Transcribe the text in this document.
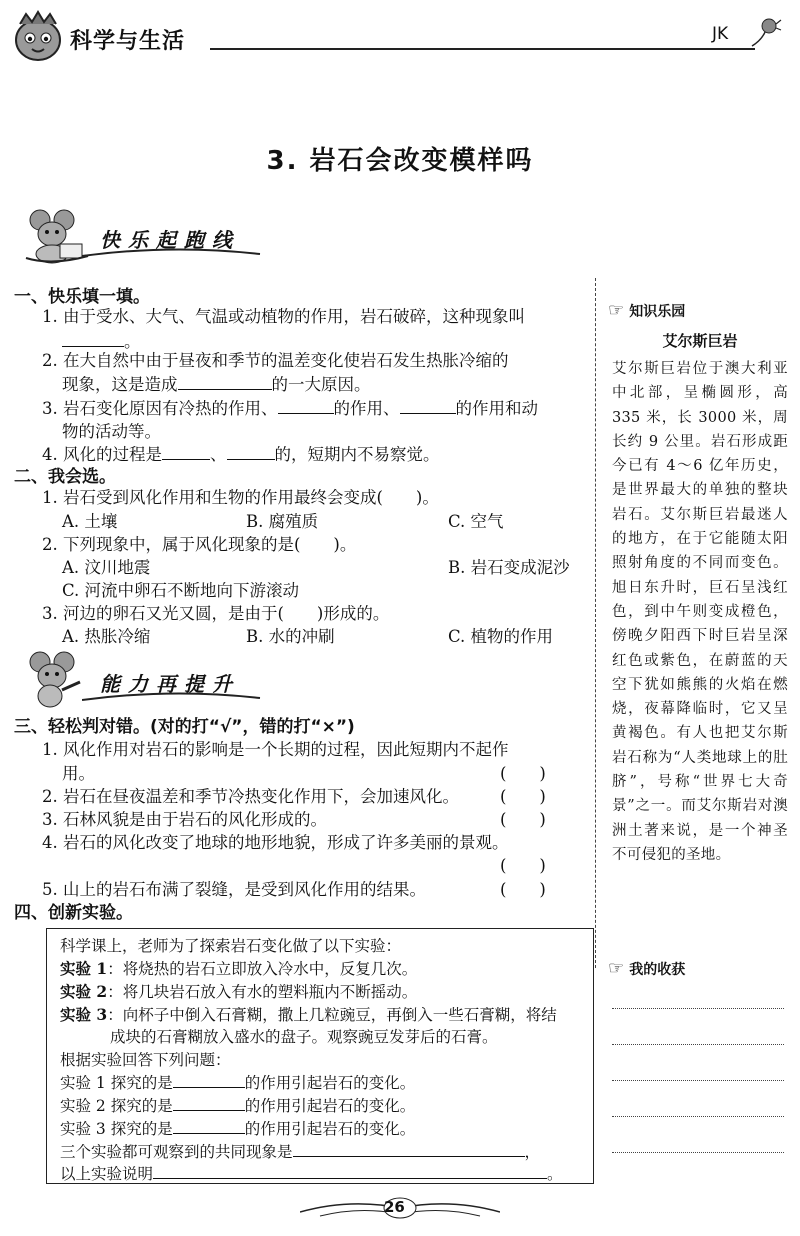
科学与生活	JK
3. 岩石会改变模样吗
快乐起跑线
一、快乐填一填。
1. 由于受水、大气、气温或动植物的作用，岩石破碎，这种现象叫
。
2. 在大自然中由于昼夜和季节的温差变化使岩石发生热胀冷缩的
现象，这是造成	的一大原因。
3. 岩石变化原因有冷热的作用、	的作用、	的作用和动
物的活动等。
4. 风化的过程是	、	的，短期内不易察觉。
二、我会选。
1. 岩石受到风化作用和生物的作用最终会变成(　　)。
A. 土壤	B. 腐殖质	C. 空气
2. 下列现象中，属于风化现象的是(　　)。
A. 汶川地震	B. 岩石变成泥沙
C. 河流中卵石不断地向下游滚动
3. 河边的卵石又光又圆，是由于(　　)形成的。
A. 热胀冷缩	B. 水的冲刷	C. 植物的作用
能力再提升
三、轻松判对错。(对的打“√”，错的打“×”)
1. 风化作用对岩石的影响是一个长期的过程，因此短期内不起作
用。	(　　)
2. 岩石在昼夜温差和季节冷热变化作用下，会加速风化。 (　　)
3. 石林风貌是由于岩石的风化形成的。	(　　)
4. 岩石的风化改变了地球的地形地貌，形成了许多美丽的景观。
(　　)
5. 山上的岩石布满了裂缝，是受到风化作用的结果。	(　　)
四、创新实验。
科学课上，老师为了探索岩石变化做了以下实验：
实验 1：将烧热的岩石立即放入冷水中，反复几次。
实验 2：将几块岩石放入有水的塑料瓶内不断摇动。
实验 3：向杯子中倒入石膏糊，撒上几粒豌豆，再倒入一些石膏糊，将结
成块的石膏糊放入盛水的盘子。观察豌豆发芽后的石膏。
根据实验回答下列问题：
实验 1 探究的是	的作用引起岩石的变化。
实验 2 探究的是	的作用引起岩石的变化。
实验 3 探究的是	的作用引起岩石的变化。
三个实验都可观察到的共同现象是	，
以上实验说明	。
☞ 知识乐园
艾尔斯巨岩
艾尔斯巨岩位于澳大利亚中北部，呈椭圆形，高 335 米，长 3000 米，周长约 9 公里。岩石形成距今已有 4～6 亿年历史，是世界最大的单独的整块岩石。艾尔斯巨岩最迷人的地方，在于它能随太阳照射角度的不同而变色。旭日东升时，巨石呈浅红色，到中午则变成橙色，傍晚夕阳西下时巨岩呈深红色或紫色，在蔚蓝的天空下犹如熊熊的火焰在燃烧，夜幕降临时，它又呈黄褐色。有人也把艾尔斯岩石称为“人类地球上的肚脐”，号称“世界七大奇景”之一。而艾尔斯岩对澳洲土著来说，是一个神圣不可侵犯的圣地。
☞ 我的收获
26
